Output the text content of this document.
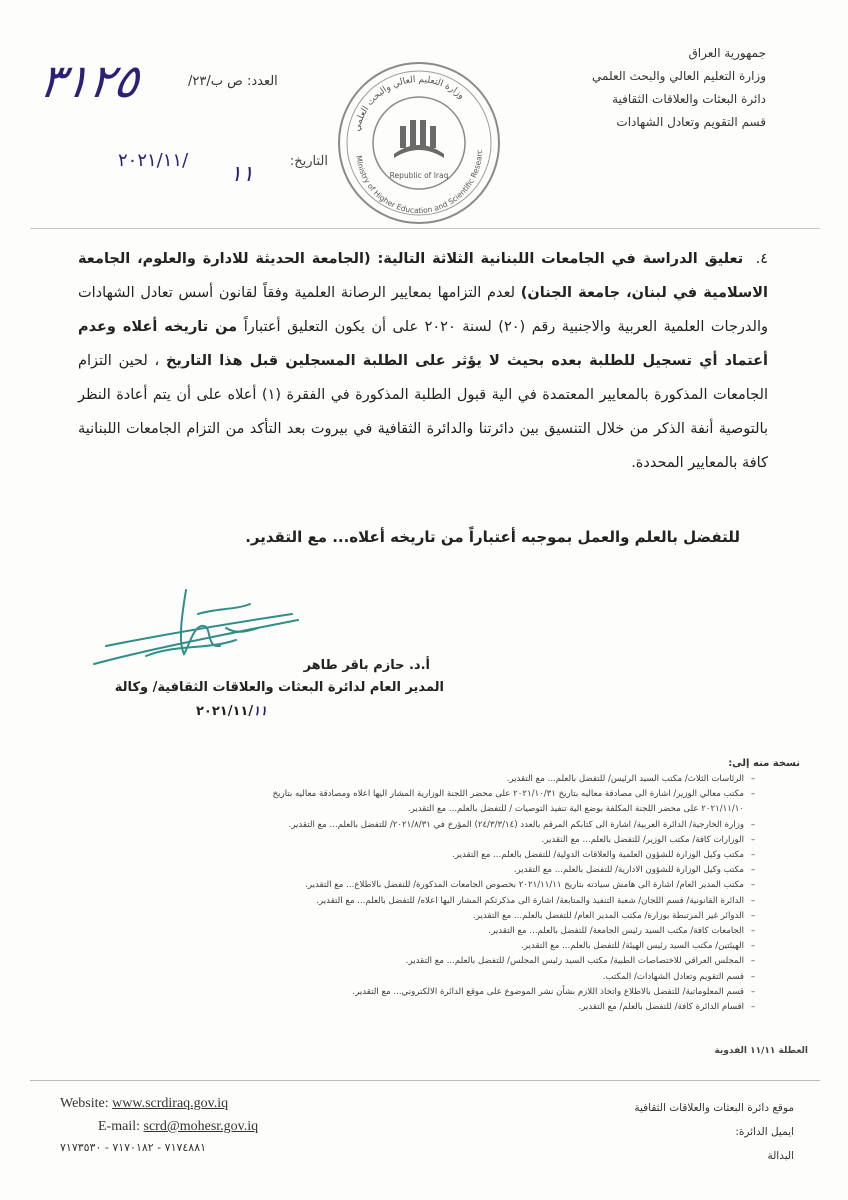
جمهورية العراق
وزارة التعليم العالي والبحث العلمي
دائرة البعثات والعلاقات الثقافية
قسم التقويم وتعادل الشهادات
٣١٢٥	العدد: ص ب/٢٣/
التاريخ:
٢٠٢١/١١/
١١
وزارة التعليم العالي والبحث العلمي
Ministry of Higher Education and Scientific Researc
Republic of Iraq
٤. تعليق الدراسة في الجامعات اللبنانية الثلاثة التالية: (الجامعة الحديثة للادارة والعلوم، الجامعة الاسلامية في لبنان، جامعة الجنان) لعدم التزامها بمعايير الرصانة العلمية وفقاً لقانون أسس تعادل الشهادات والدرجات العلمية العربية والاجنبية رقم (٢٠) لسنة ٢٠٢٠ على أن يكون التعليق أعتباراً من تاريخه أعلاه وعدم أعتماد أي تسجيل للطلبة بعده بحيث لا يؤثر على الطلبة المسجلين قبل هذا التاريخ ، لحين التزام الجامعات المذكورة بالمعايير المعتمدة في الية قبول الطلبة المذكورة في الفقرة (١) أعلاه على أن يتم أعادة النظر بالتوصية أنفة الذكر من خلال التنسيق بين دائرتنا والدائرة الثقافية في بيروت بعد التأكد من التزام الجامعات اللبنانية كافة بالمعايير المحددة.
للتفضل بالعلم والعمل بموجبه أعتباراً من تاريخه أعلاه... مع التقدير.
أ.د. حازم باقر طاهر
المدير العام لدائرة البعثات والعلاقات الثقافية/ وكالة
٢٠٢١/١١/١١
نسخة منه إلى:
–الرئاسات الثلاث/ مكتب السيد الرئيس/ للتفضل بالعلم... مع التقدير.
–مكتب معالي الوزير/ اشارة الى مصادقة معاليه بتاريخ ٢٠٢١/١٠/٣١ على محضر اللجنة الوزارية المشار اليها اعلاه ومصادقة معاليه بتاريخ
٢٠٢١/١١/١٠ على محضر اللجنة المكلفة بوضع الية تنفيذ التوصيات / للتفضل بالعلم... مع التقدير.
–وزارة الخارجية/ الدائرة العربية/ اشارة الى كتابكم المرقم بالعدد (٢٤/٣/٣/١٤) المؤرخ في ٢٠٢١/٨/٣١/ للتفضل بالعلم... مع التقدير.
–الوزارات كافة/ مكتب الوزير/ للتفضل بالعلم... مع التقدير.
–مكتب وكيل الوزارة للشؤون العلمية والعلاقات الدولية/ للتفضل بالعلم... مع التقدير.
–مكتب وكيل الوزارة للشؤون الادارية/ للتفضل بالعلم... مع التقدير.
–مكتب المدير العام/ اشارة الى هامش سيادته بتاريخ ٢٠٢١/١١/١١ بخصوص الجامعات المذكورة/ للتفضل بالاطلاع... مع التقدير.
–الدائرة القانونية/ قسم اللجان/ شعبة التنفيذ والمتابعة/ اشارة الى مذكرتكم المشار اليها اعلاه/ للتفضل بالعلم... مع التقدير.
–الدوائر غير المرتبطة بوزارة/ مكتب المدير العام/ للتفضل بالعلم... مع التقدير.
–الجامعات كافة/ مكتب السيد رئيس الجامعة/ للتفضل بالعلم... مع التقدير.
–الهيئتين/ مكتب السيد رئيس الهيئة/ للتفضل بالعلم... مع التقدير.
–المجلس العراقي للاختصاصات الطبية/ مكتب السيد رئيس المجلس/ للتفضل بالعلم... مع التقدير.
–قسم التقويم وتعادل الشهادات/ المكتب.
–قسم المعلوماتية/ للتفضل بالاطلاع واتخاذ اللازم بشأن نشر الموضوع على موقع الدائرة الالكتروني... مع التقدير.
–اقسام الدائرة كافة/ للتفضل بالعلم/ مع التقدير.
العطلة ١١/١١ الفدوية
Website: www.scrdiraq.gov.iq
E-mail: scrd@mohesr.gov.iq
٧١٧٤٨٨١ - ٧١٧٠١٨٢ - ٧١٧٣٥٣٠
موقع دائرة البعثات والعلاقات الثقافية
ايميل الدائرة:
البدالة
